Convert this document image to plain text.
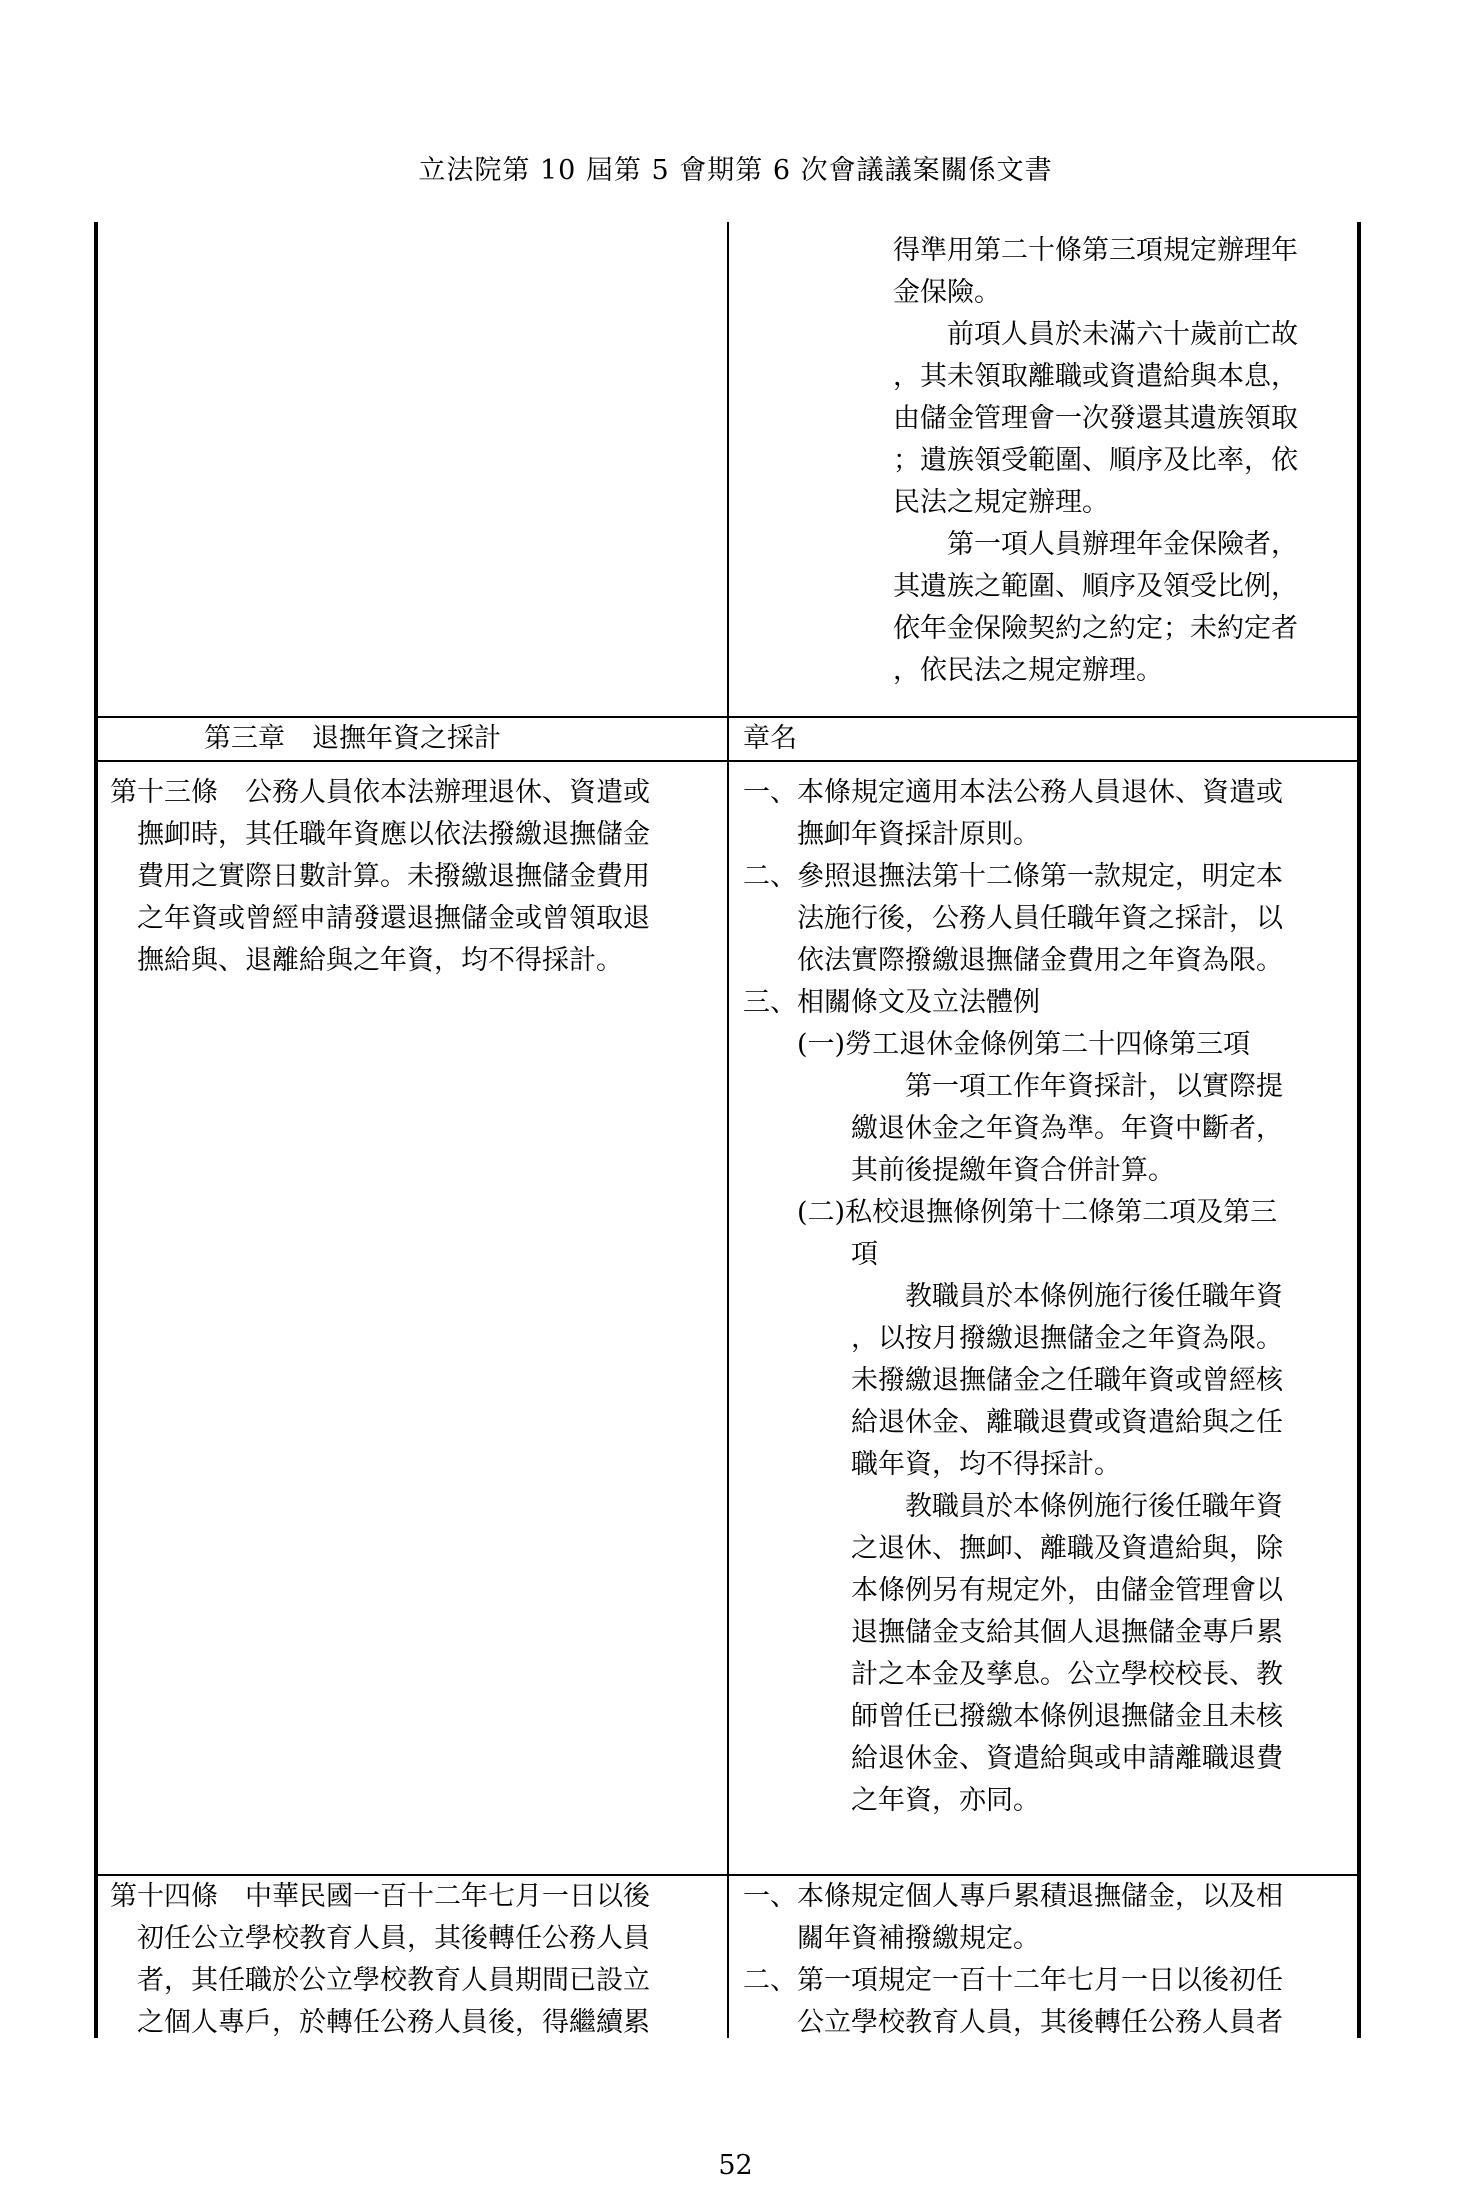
立法院第 10 屆第 5 會期第 6 次會議議案關係文書
得準用第二十條第三項規定辦理年
金保險。
　　前項人員於未滿六十歲前亡故
，其未領取離職或資遣給與本息，
由儲金管理會一次發還其遺族領取
；遺族領受範圍、順序及比率，依
民法之規定辦理。
　　第一項人員辦理年金保險者，
其遺族之範圍、順序及領受比例，
依年金保險契約之約定；未約定者
，依民法之規定辦理。
第三章　退撫年資之採計	章名
第十三條　公務人員依本法辦理退休、資遣或
　撫卹時，其任職年資應以依法撥繳退撫儲金
　費用之實際日數計算。未撥繳退撫儲金費用
　之年資或曾經申請發還退撫儲金或曾領取退
　撫給與、退離給與之年資，均不得採計。
一、本條規定適用本法公務人員退休、資遣或
　　撫卹年資採計原則。
二、參照退撫法第十二條第一款規定，明定本
　　法施行後，公務人員任職年資之採計，以
　　依法實際撥繳退撫儲金費用之年資為限。
三、相關條文及立法體例
　　(一)勞工退休金條例第二十四條第三項
　　　　　　第一項工作年資採計，以實際提
　　　　繳退休金之年資為準。年資中斷者，
　　　　其前後提繳年資合併計算。
　　(二)私校退撫條例第十二條第二項及第三
　　　　項
　　　　　　教職員於本條例施行後任職年資
　　　　，以按月撥繳退撫儲金之年資為限。
　　　　未撥繳退撫儲金之任職年資或曾經核
　　　　給退休金、離職退費或資遣給與之任
　　　　職年資，均不得採計。
　　　　　　教職員於本條例施行後任職年資
　　　　之退休、撫卹、離職及資遣給與，除
　　　　本條例另有規定外，由儲金管理會以
　　　　退撫儲金支給其個人退撫儲金專戶累
　　　　計之本金及孳息。公立學校校長、教
　　　　師曾任已撥繳本條例退撫儲金且未核
　　　　給退休金、資遣給與或申請離職退費
　　　　之年資，亦同。
第十四條　中華民國一百十二年七月一日以後
　初任公立學校教育人員，其後轉任公務人員
　者，其任職於公立學校教育人員期間已設立
　之個人專戶，於轉任公務人員後，得繼續累
一、本條規定個人專戶累積退撫儲金，以及相
　　關年資補撥繳規定。
二、第一項規定一百十二年七月一日以後初任
　　公立學校教育人員，其後轉任公務人員者
52
